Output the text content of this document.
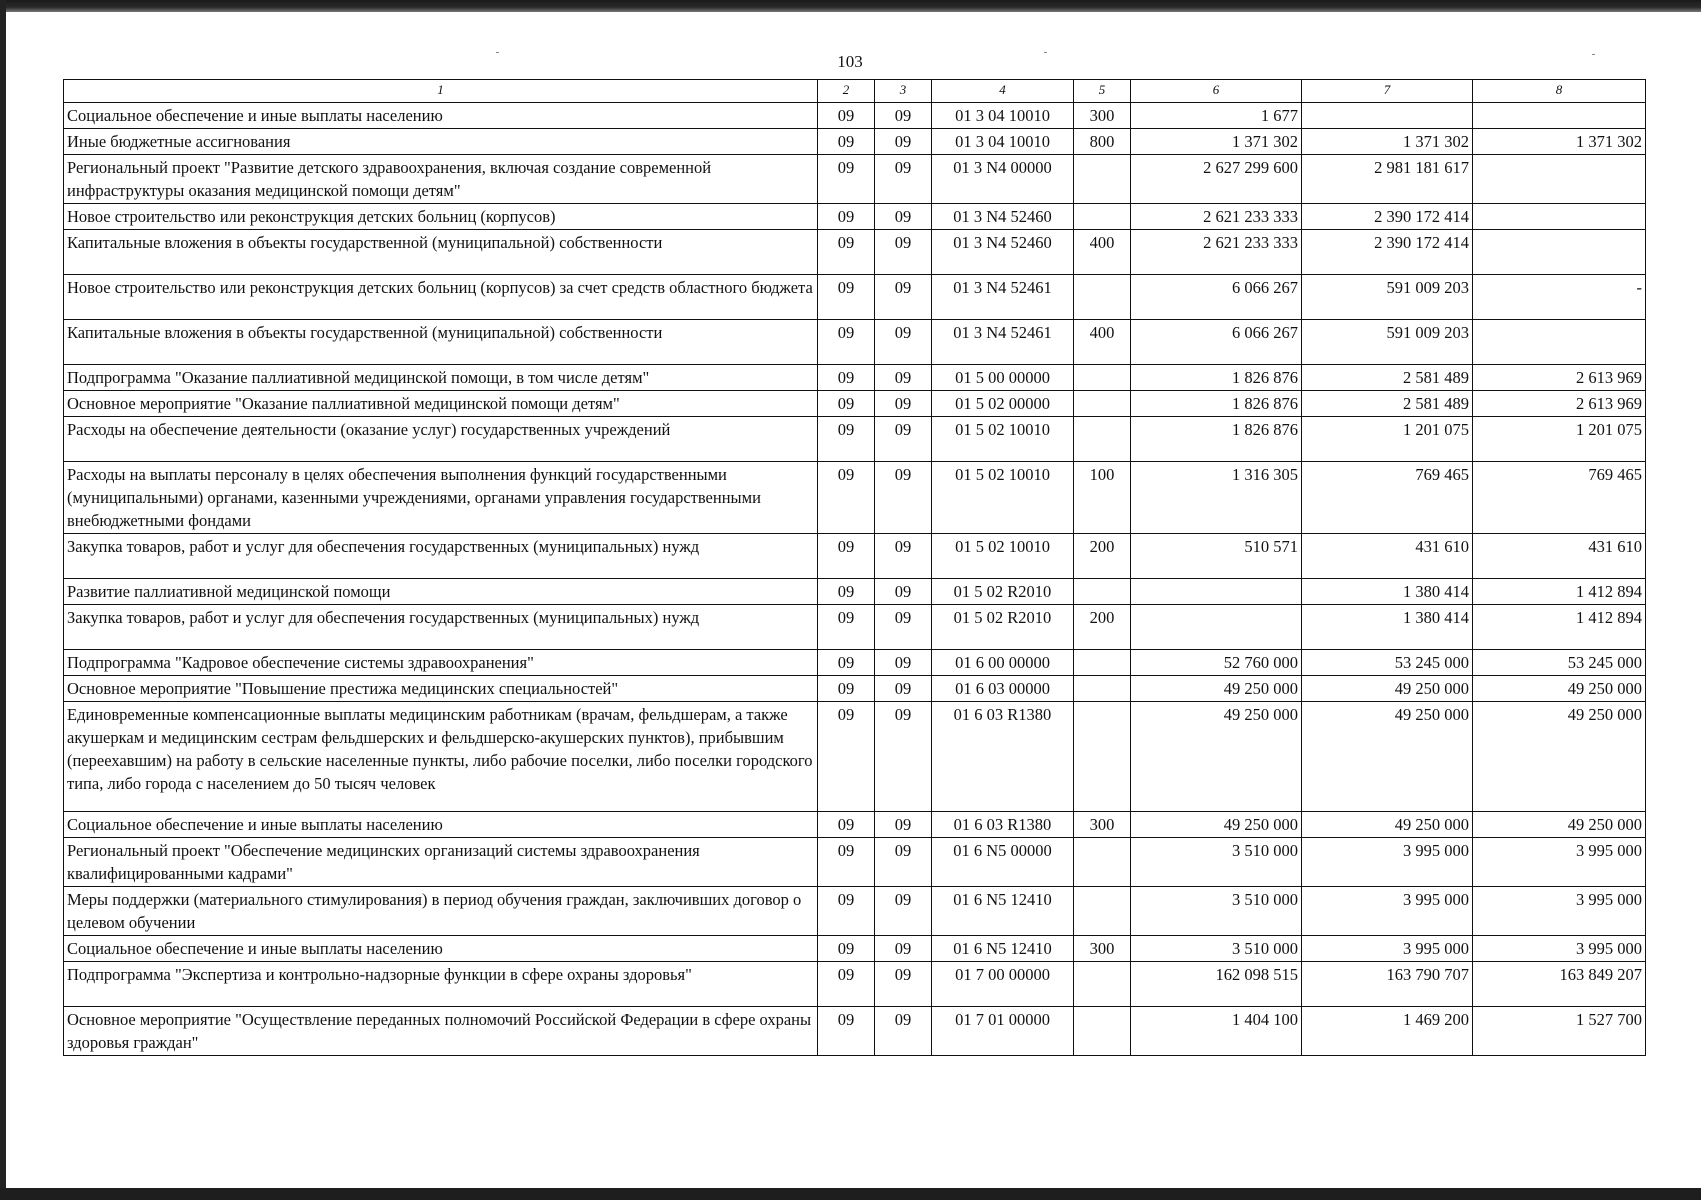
103
1	2	3	4	5	6	7	8
Социальное обеспечение и иные выплаты населению	09	09	01 3 04 10010	300	1 677		
Иные бюджетные ассигнования	09	09	01 3 04 10010	800	1 371 302	1 371 302	1 371 302
Региональный проект "Развитие детского здравоохранения, включая создание современной инфраструктуры оказания медицинской помощи детям"	09	09	01 3 N4 00000		2 627 299 600	2 981 181 617	
Новое строительство или реконструкция детских больниц (корпусов)	09	09	01 3 N4 52460		2 621 233 333	2 390 172 414	
Капитальные вложения в объекты государственной (муниципальной) собственности	09	09	01 3 N4 52460	400	2 621 233 333	2 390 172 414	
Новое строительство или реконструкция детских больниц (корпусов) за счет средств областного бюджета	09	09	01 3 N4 52461		6 066 267	591 009 203	-
Капитальные вложения в объекты государственной (муниципальной) собственности	09	09	01 3 N4 52461	400	6 066 267	591 009 203	
Подпрограмма "Оказание паллиативной медицинской помощи, в том числе детям"	09	09	01 5 00 00000		1 826 876	2 581 489	2 613 969
Основное мероприятие "Оказание паллиативной медицинской помощи детям"	09	09	01 5 02 00000		1 826 876	2 581 489	2 613 969
Расходы на обеспечение деятельности (оказание услуг) государственных учреждений	09	09	01 5 02 10010		1 826 876	1 201 075	1 201 075
Расходы на выплаты персоналу в целях обеспечения выполнения функций государственными (муниципальными) органами, казенными учреждениями, органами управления государственными внебюджетными фондами	09	09	01 5 02 10010	100	1 316 305	769 465	769 465
Закупка товаров, работ и услуг для обеспечения государственных (муниципальных) нужд	09	09	01 5 02 10010	200	510 571	431 610	431 610
Развитие паллиативной медицинской помощи	09	09	01 5 02 R2010			1 380 414	1 412 894
Закупка товаров, работ и услуг для обеспечения государственных (муниципальных) нужд	09	09	01 5 02 R2010	200		1 380 414	1 412 894
Подпрограмма "Кадровое обеспечение системы здравоохранения"	09	09	01 6 00 00000		52 760 000	53 245 000	53 245 000
Основное мероприятие "Повышение престижа медицинских специальностей"	09	09	01 6 03 00000		49 250 000	49 250 000	49 250 000
Единовременные компенсационные выплаты медицинским работникам (врачам, фельдшерам, а также акушеркам и медицинским сестрам фельдшерских и фельдшерско-акушерских пунктов), прибывшим (переехавшим) на работу в сельские населенные пункты, либо рабочие поселки, либо поселки городского типа, либо города с населением до 50 тысяч человек	09	09	01 6 03 R1380		49 250 000	49 250 000	49 250 000
Социальное обеспечение и иные выплаты населению	09	09	01 6 03 R1380	300	49 250 000	49 250 000	49 250 000
Региональный проект "Обеспечение медицинских организаций системы здравоохранения квалифицированными кадрами"	09	09	01 6 N5 00000		3 510 000	3 995 000	3 995 000
Меры поддержки (материального стимулирования) в период обучения граждан, заключивших договор о целевом обучении	09	09	01 6 N5 12410		3 510 000	3 995 000	3 995 000
Социальное обеспечение и иные выплаты населению	09	09	01 6 N5 12410	300	3 510 000	3 995 000	3 995 000
Подпрограмма "Экспертиза и контрольно-надзорные функции в сфере охраны здоровья"	09	09	01 7 00 00000		162 098 515	163 790 707	163 849 207
Основное мероприятие "Осуществление переданных полномочий Российской Федерации в сфере охраны здоровья граждан"	09	09	01 7 01 00000		1 404 100	1 469 200	1 527 700
